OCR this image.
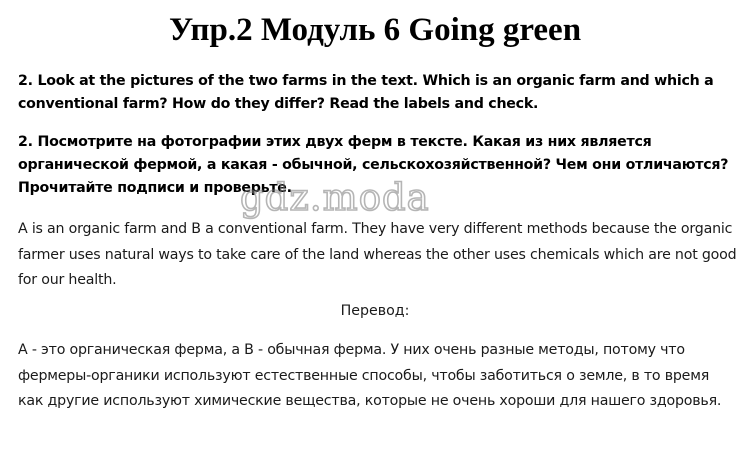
Упр.2 Модуль 6 Going green

2. Look at the pictures of the two farms in the text. Which is an organic farm and which a conventional farm? How do they differ? Read the labels and check.

2. Посмотрите на фотографии этих двух ферм в тексте. Какая из них является органической фермой, а какая - обычной, сельскохозяйственной? Чем они отличаются? Прочитайте подписи и проверьте.

gdz.moda

A is an organic farm and B a conventional farm. They have very different methods because the organic farmer uses natural ways to take care of the land whereas the other uses chemicals which are not good for our health.

Перевод:

А - это органическая ферма, а В - обычная ферма. У них очень разные методы, потому что фермеры-органики используют естественные способы, чтобы заботиться о земле, в то время как другие используют химические вещества, которые не очень хороши для нашего здоровья.
